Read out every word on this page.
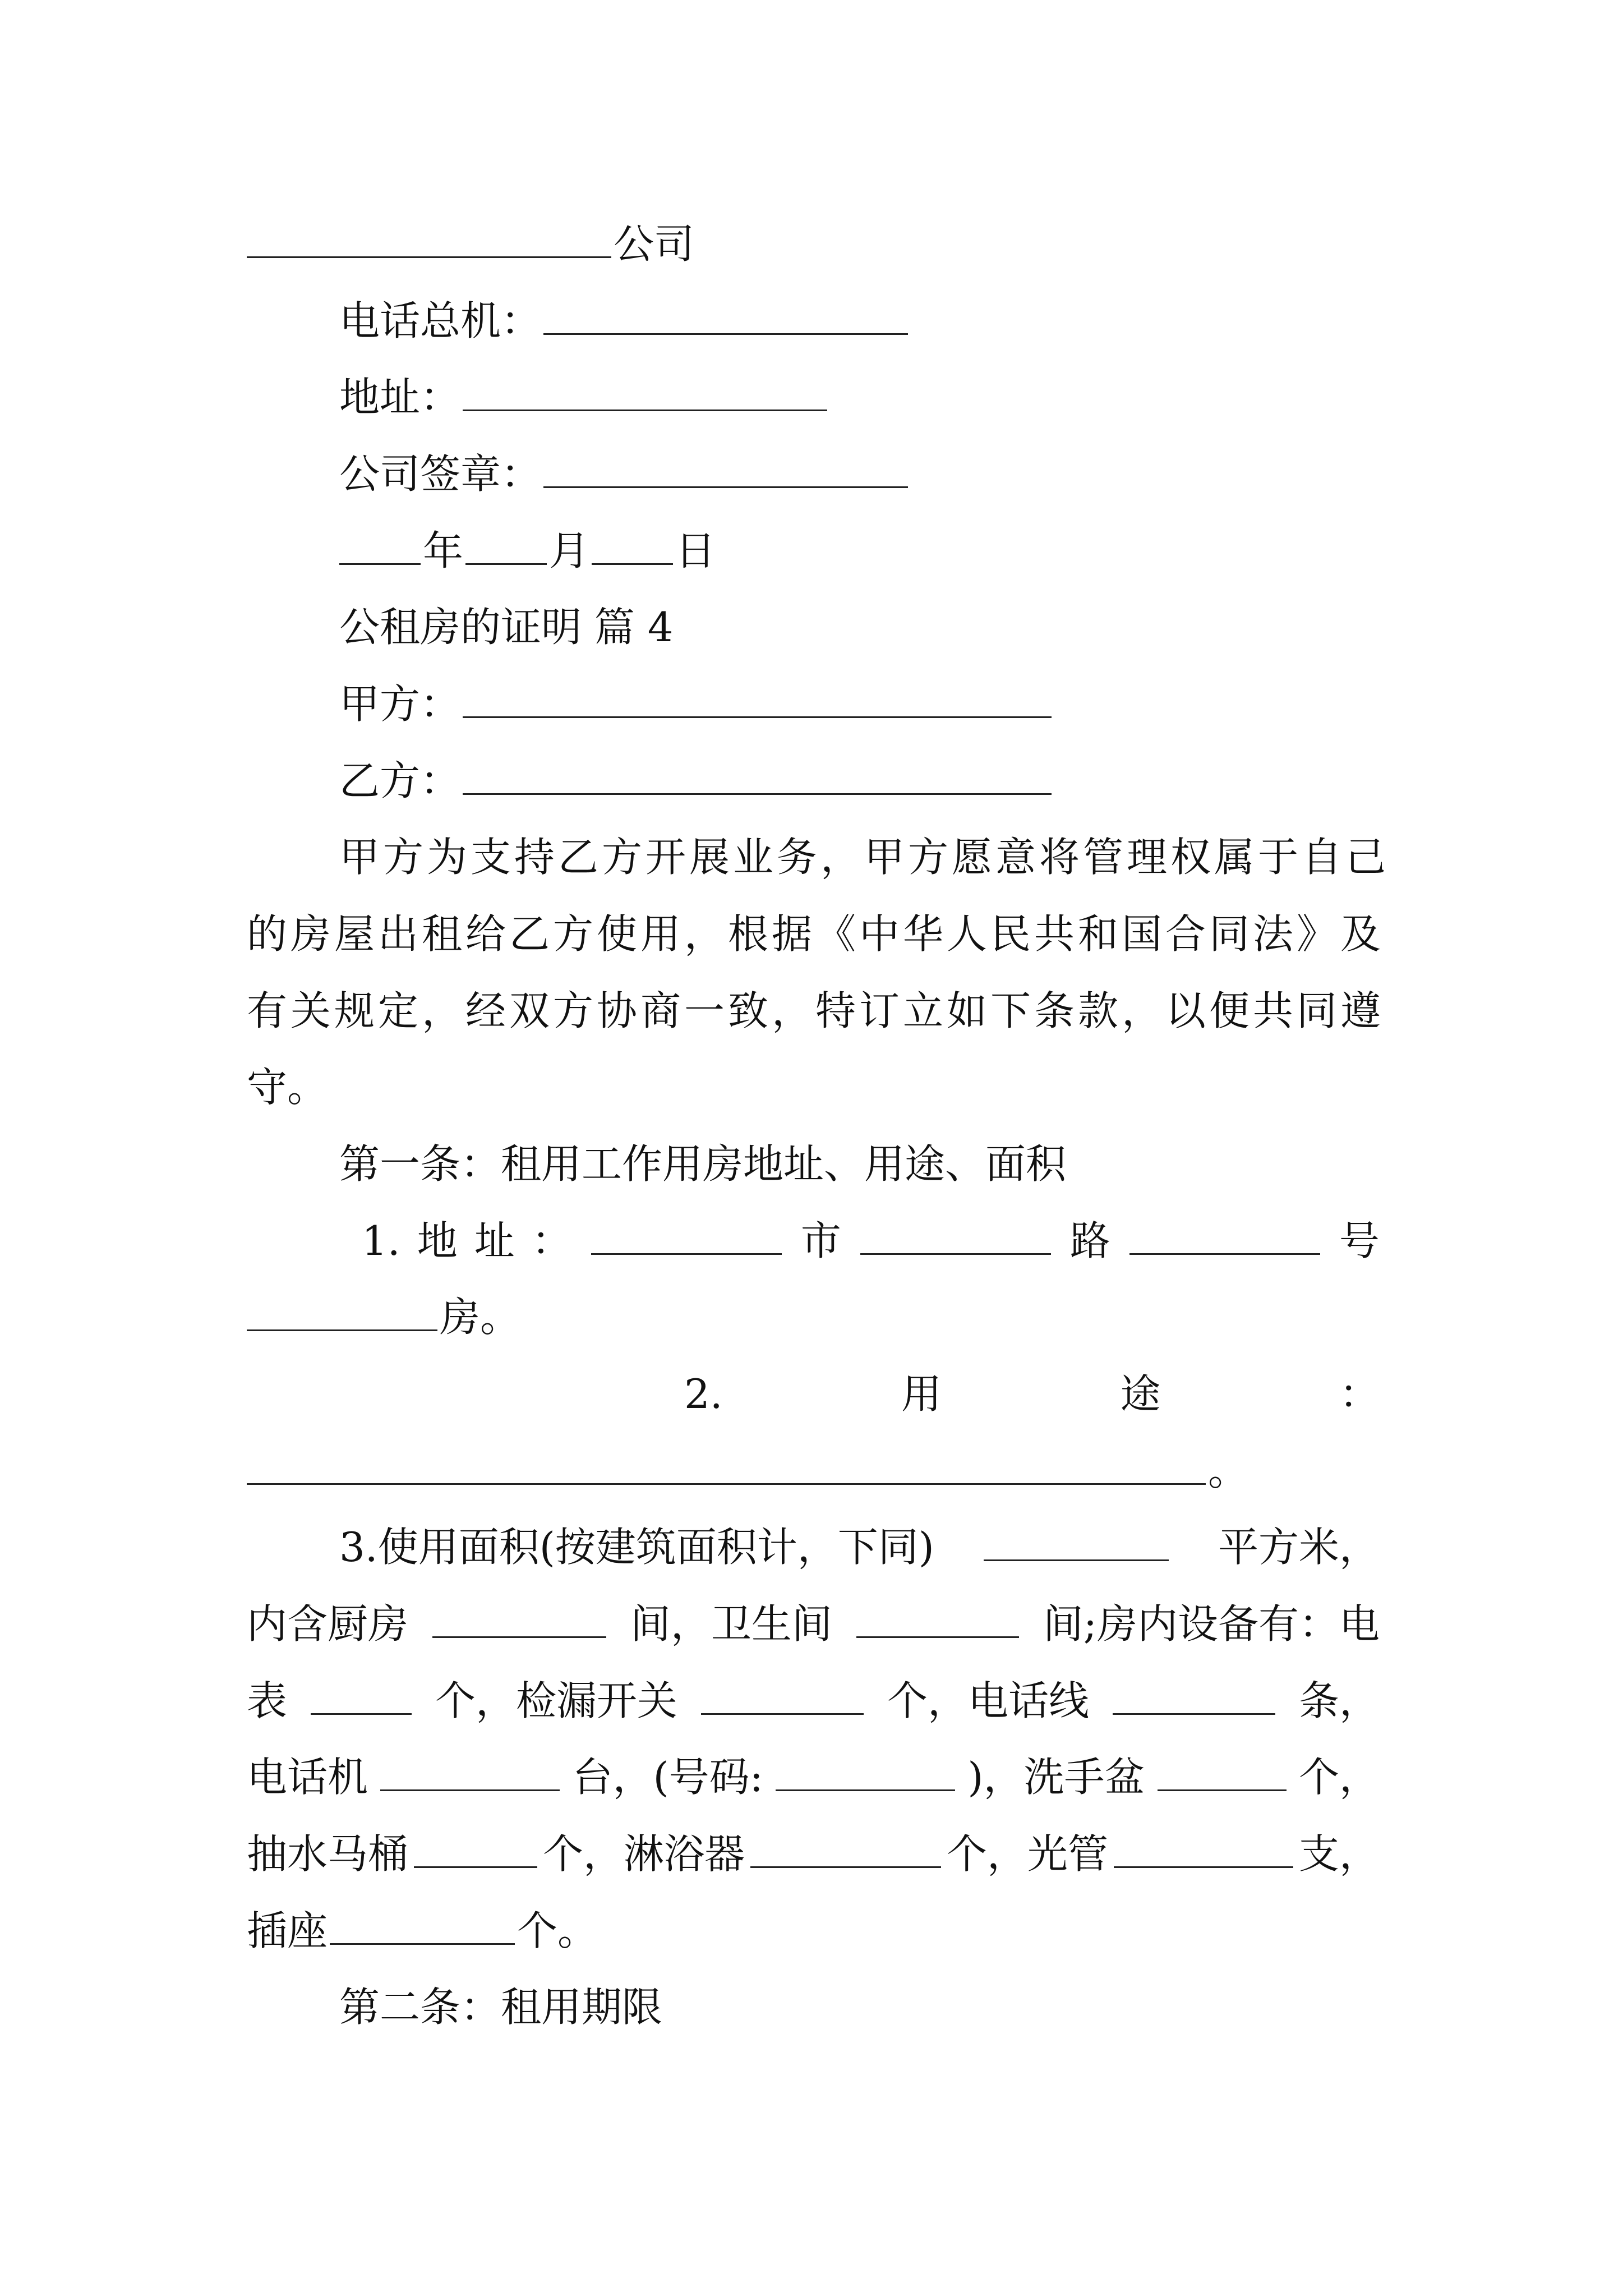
公司
电话总机：
地址：
公司签章：
年 月 日
公租房的证明 篇 4
甲方：
乙方：
甲方为支持乙方开展业务，甲方愿意将管理权属于自己
的房屋出租给乙方使用，根据《中华人民共和国合同法》及
有关规定，经双方协商一致，特订立如下条款，以便共同遵
守。
第一条：租用工作用房地址、用途、面积
1. 地 址 ：	市	路	号
房。
2.	用	途	：
。
3.使用面积(按建筑面积计，下同)	平方米，
内含厨房	间，卫生间	间;房内设备有：电
表	个，检漏开关	个，电话线	条，
电话机	台，(号码:	)，洗手盆	个，
抽水马桶	个，淋浴器	个，光管	支，
插座	个。
第二条：租用期限
